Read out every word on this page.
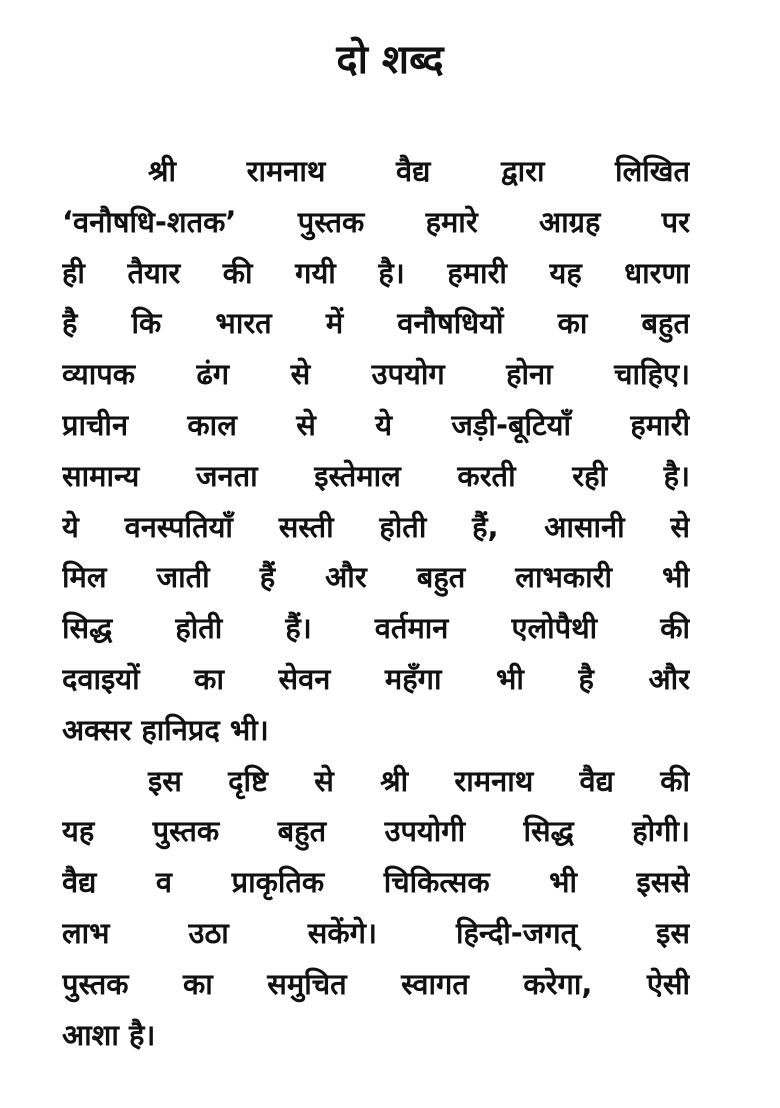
दो शब्द
श्री रामनाथ वैद्य द्वारा लिखित
‘वनौषधि-शतक’ पुस्तक हमारे आग्रह पर
ही तैयार की गयी है। हमारी यह धारणा
है कि भारत में वनौषधियों का बहुत
व्यापक ढंग से उपयोग होना चाहिए।
प्राचीन काल से ये जड़ी-बूटियाँ हमारी
सामान्य जनता इस्तेमाल करती रही है।
ये वनस्पतियाँ सस्ती होती हैं, आसानी से
मिल जाती हैं और बहुत लाभकारी भी
सिद्ध होती हैं। वर्तमान एलोपैथी की
दवाइयों का सेवन महँगा भी है और
अक्सर हानिप्रद भी।
इस दृष्टि से श्री रामनाथ वैद्य की
यह पुस्तक बहुत उपयोगी सिद्ध होगी।
वैद्य व प्राकृतिक चिकित्सक भी इससे
लाभ उठा सकेंगे। हिन्दी-जगत् इस
पुस्तक का समुचित स्वागत करेगा, ऐसी
आशा है।
